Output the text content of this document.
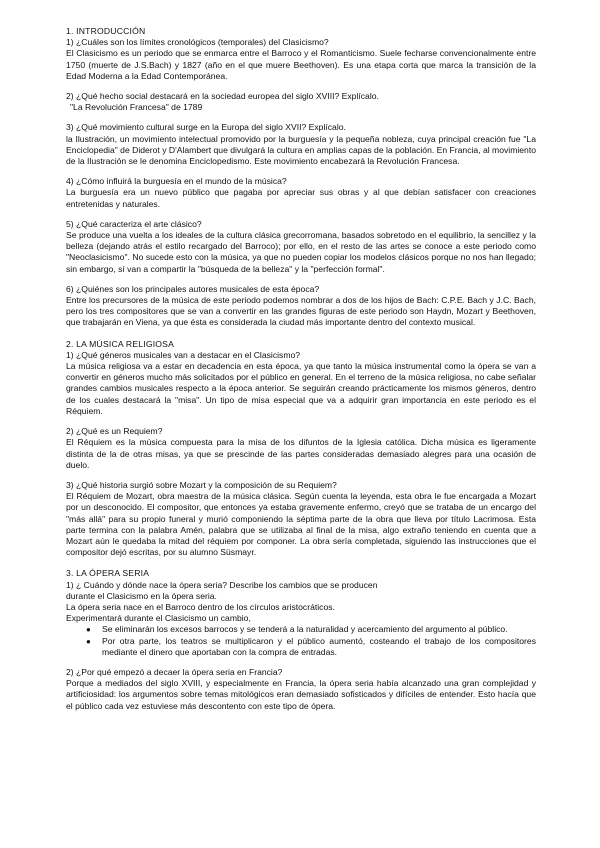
1. INTRODUCCIÓN

1) ¿Cuáles son los límites cronológicos (temporales) del Clasicismo?

El Clasicismo es un periodo que se enmarca entre el Barroco y el Romanticismo. Suele fecharse convencionalmente entre 1750 (muerte de J.S.Bach) y 1827 (año en el que muere Beethoven). Es una etapa corta que marca la transición de la Edad Moderna a la Edad Contemporánea.

2) ¿Qué hecho social destacará en la sociedad europea del siglo XVIII? Explícalo.

"La Revolución Francesa" de 1789

3) ¿Qué movimiento cultural surge en la Europa del siglo XVII? Explícalo.

la Ilustración, un movimiento intelectual promovido por la burguesía y la pequeña nobleza, cuya principal creación fue "La Enciclopedia" de Diderot y D'Alambert que divulgará la cultura en amplias capas de la población. En Francia, al movimiento de la Ilustración se le denomina Enciclopedismo. Este movimiento encabezará la Revolución Francesa.

4) ¿Cómo influirá la burguesía en el mundo de la música?

La burguesía era un nuevo público que pagaba por apreciar sus obras y al que debían satisfacer con creaciones entretenidas y naturales.

5) ¿Qué caracteriza el arte clásico?

Se produce una vuelta a los ideales de la cultura clásica grecorromana, basados sobretodo en el equilibrio, la sencillez y la belleza (dejando atrás el estilo recargado del Barroco); por ello, en el resto de las artes se conoce a este periodo como "Neoclasicismo". No sucede esto con la música, ya que no pueden copiar los modelos clásicos porque no nos han llegado; sin embargo, sí van a compartir la "búsqueda de la belleza" y la "perfección formal".

6) ¿Quiénes son los principales autores musicales de esta época?

Entre los precursores de la música de este periodo podemos nombrar a dos de los hijos de Bach: C.P.E. Bach y J.C. Bach, pero los tres compositores que se van a convertir en las grandes figuras de este periodo son Haydn, Mozart y Beethoven, que trabajarán en Viena, ya que ésta es considerada la ciudad más importante dentro del contexto musical.

2. LA MÚSICA RELIGIOSA

1) ¿Qué géneros musicales van a destacar en el Clasicismo?

La música religiosa va a estar en decadencia en esta época, ya que tanto la música instrumental como la ópera se van a convertir en géneros mucho más solicitados por el público en general. En el terreno de la música religiosa, no cabe señalar grandes cambios musicales respecto a la época anterior. Se seguirán creando prácticamente los mismos géneros, dentro de los cuales destacará la "misa". Un tipo de misa especial que va a adquirir gran importancia en este periodo es el Réquiem.

2) ¿Qué es un Requiem?

El Réquiem es la música compuesta para la misa de los difuntos de la Iglesia católica. Dicha música es ligeramente distinta de la de otras misas, ya que se prescinde de las partes consideradas demasiado alegres para una ocasión de duelo.

3) ¿Qué historia surgió sobre Mozart y la composición de su Requiem?

El Réquiem de Mozart, obra maestra de la música clásica. Según cuenta la leyenda, esta obra le fue encargada a Mozart por un desconocido. El compositor, que entonces ya estaba gravemente enfermo, creyó que se trataba de un encargo del "más allá" para su propio funeral y murió componiendo la séptima parte de la obra que lleva por título Lacrimosa. Esta parte termina con la palabra Amén, palabra que se utilizaba al final de la misa, algo extraño teniendo en cuenta que a Mozart aún le quedaba la mitad del réquiem por componer. La obra sería completada, siguiendo las instrucciones que el compositor dejó escritas, por su alumno Süsmayr.

3. LA ÓPERA SERIA

1) ¿ Cuándo y dónde nace la ópera seria? Describe los cambios que se producen

durante el Clasicismo en la ópera seria.

La ópera seria nace en el Barroco dentro de los círculos aristocráticos.

Experimentará durante el Clasicismo un cambio,

● Se eliminarán los excesos barrocos y se tenderá a la naturalidad y acercamiento del argumento al público.
● Por otra parte, los teatros se multiplicaron y el público aumentó, costeando el trabajo de los compositores mediante el dinero que aportaban con la compra de entradas.

2) ¿Por qué empezó a decaer la ópera seria en Francia?

Porque a mediados del siglo XVIII, y especialmente en Francia, la ópera seria había alcanzado una gran complejidad y artificiosidad: los argumentos sobre temas mitológicos eran demasiado sofisticados y difíciles de entender. Esto hacía que el público cada vez estuviese más descontento con este tipo de ópera.
